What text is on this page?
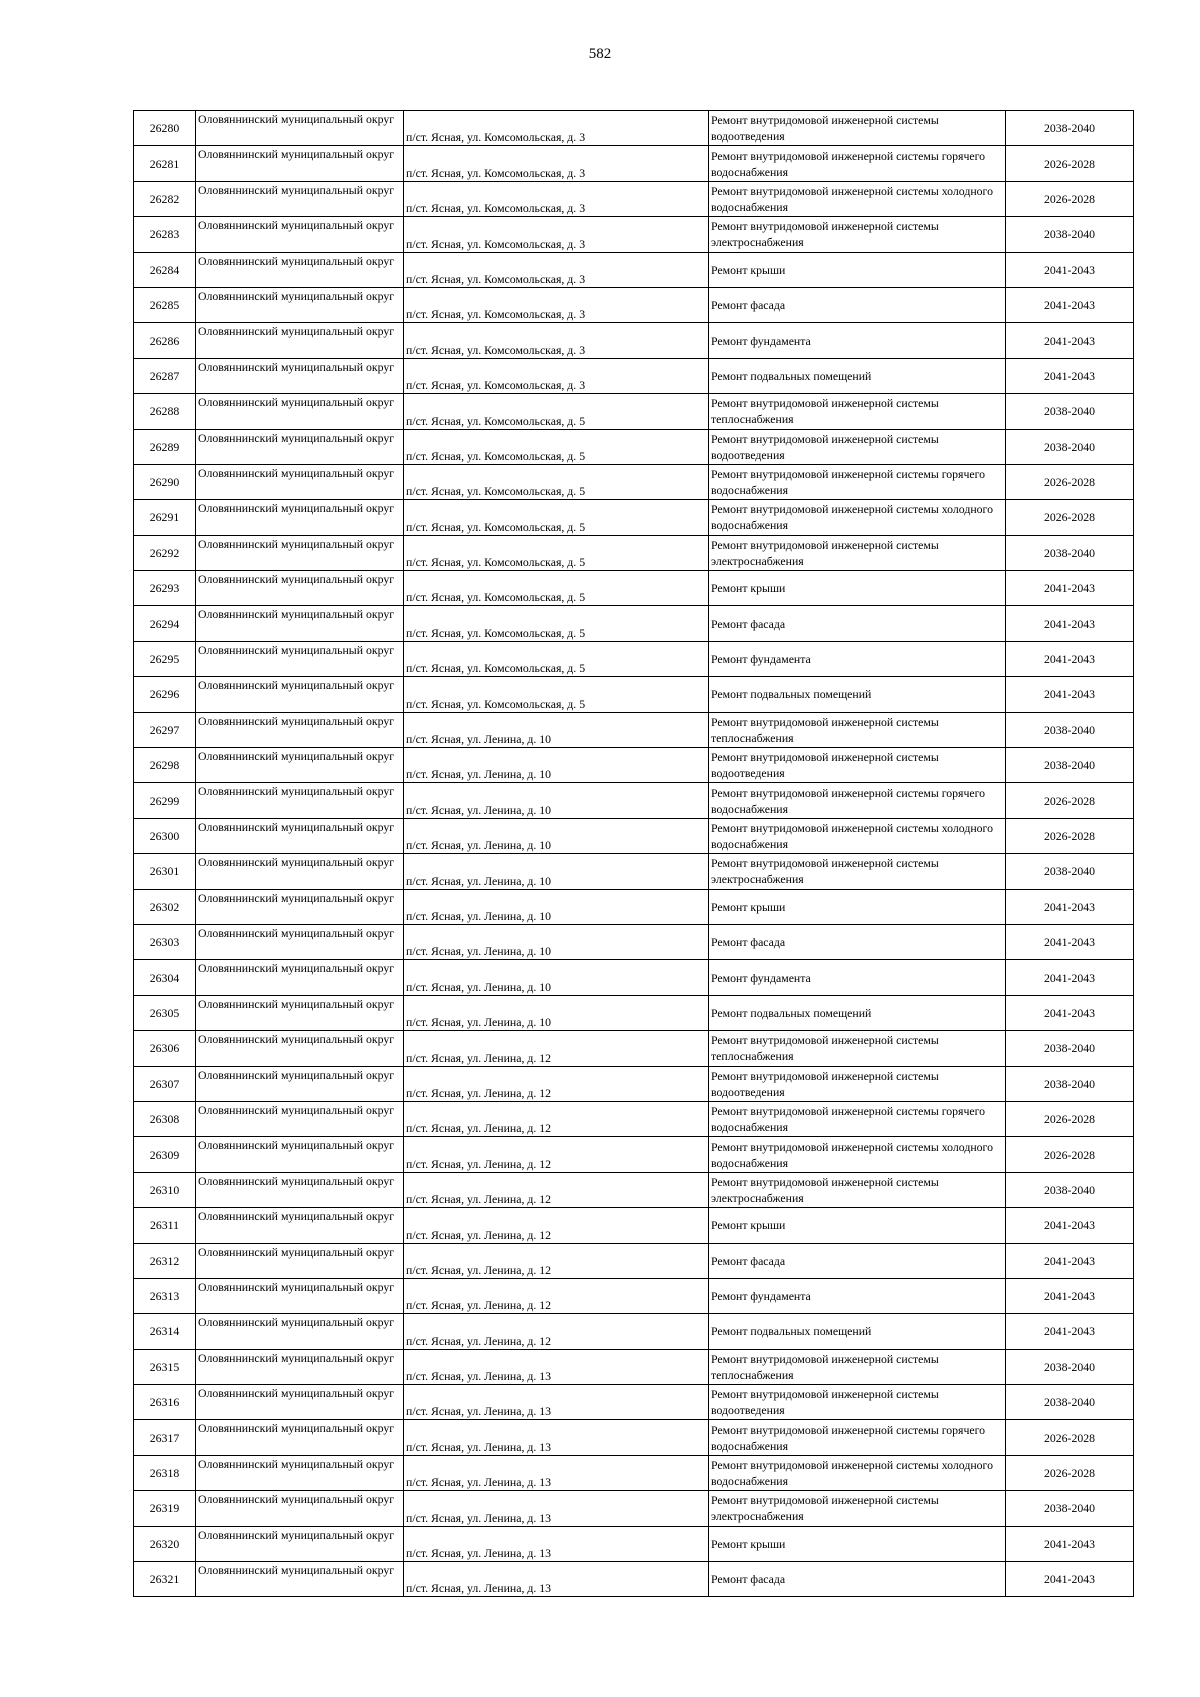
582
26280	Оловяннинский муниципальный округ	п/ст. Ясная, ул. Комсомольская, д. 3	Ремонт внутридомовой инженерной системы водоотведения	2038-2040
26281	Оловяннинский муниципальный округ	п/ст. Ясная, ул. Комсомольская, д. 3	Ремонт внутридомовой инженерной системы горячего водоснабжения	2026-2028
26282	Оловяннинский муниципальный округ	п/ст. Ясная, ул. Комсомольская, д. 3	Ремонт внутридомовой инженерной системы холодного водоснабжения	2026-2028
26283	Оловяннинский муниципальный округ	п/ст. Ясная, ул. Комсомольская, д. 3	Ремонт внутридомовой инженерной системы электроснабжения	2038-2040
26284	Оловяннинский муниципальный округ	п/ст. Ясная, ул. Комсомольская, д. 3	Ремонт крыши	2041-2043
26285	Оловяннинский муниципальный округ	п/ст. Ясная, ул. Комсомольская, д. 3	Ремонт фасада	2041-2043
26286	Оловяннинский муниципальный округ	п/ст. Ясная, ул. Комсомольская, д. 3	Ремонт фундамента	2041-2043
26287	Оловяннинский муниципальный округ	п/ст. Ясная, ул. Комсомольская, д. 3	Ремонт подвальных помещений	2041-2043
26288	Оловяннинский муниципальный округ	п/ст. Ясная, ул. Комсомольская, д. 5	Ремонт внутридомовой инженерной системы теплоснабжения	2038-2040
26289	Оловяннинский муниципальный округ	п/ст. Ясная, ул. Комсомольская, д. 5	Ремонт внутридомовой инженерной системы водоотведения	2038-2040
26290	Оловяннинский муниципальный округ	п/ст. Ясная, ул. Комсомольская, д. 5	Ремонт внутридомовой инженерной системы горячего водоснабжения	2026-2028
26291	Оловяннинский муниципальный округ	п/ст. Ясная, ул. Комсомольская, д. 5	Ремонт внутридомовой инженерной системы холодного водоснабжения	2026-2028
26292	Оловяннинский муниципальный округ	п/ст. Ясная, ул. Комсомольская, д. 5	Ремонт внутридомовой инженерной системы электроснабжения	2038-2040
26293	Оловяннинский муниципальный округ	п/ст. Ясная, ул. Комсомольская, д. 5	Ремонт крыши	2041-2043
26294	Оловяннинский муниципальный округ	п/ст. Ясная, ул. Комсомольская, д. 5	Ремонт фасада	2041-2043
26295	Оловяннинский муниципальный округ	п/ст. Ясная, ул. Комсомольская, д. 5	Ремонт фундамента	2041-2043
26296	Оловяннинский муниципальный округ	п/ст. Ясная, ул. Комсомольская, д. 5	Ремонт подвальных помещений	2041-2043
26297	Оловяннинский муниципальный округ	п/ст. Ясная, ул. Ленина, д. 10	Ремонт внутридомовой инженерной системы теплоснабжения	2038-2040
26298	Оловяннинский муниципальный округ	п/ст. Ясная, ул. Ленина, д. 10	Ремонт внутридомовой инженерной системы водоотведения	2038-2040
26299	Оловяннинский муниципальный округ	п/ст. Ясная, ул. Ленина, д. 10	Ремонт внутридомовой инженерной системы горячего водоснабжения	2026-2028
26300	Оловяннинский муниципальный округ	п/ст. Ясная, ул. Ленина, д. 10	Ремонт внутридомовой инженерной системы холодного водоснабжения	2026-2028
26301	Оловяннинский муниципальный округ	п/ст. Ясная, ул. Ленина, д. 10	Ремонт внутридомовой инженерной системы электроснабжения	2038-2040
26302	Оловяннинский муниципальный округ	п/ст. Ясная, ул. Ленина, д. 10	Ремонт крыши	2041-2043
26303	Оловяннинский муниципальный округ	п/ст. Ясная, ул. Ленина, д. 10	Ремонт фасада	2041-2043
26304	Оловяннинский муниципальный округ	п/ст. Ясная, ул. Ленина, д. 10	Ремонт фундамента	2041-2043
26305	Оловяннинский муниципальный округ	п/ст. Ясная, ул. Ленина, д. 10	Ремонт подвальных помещений	2041-2043
26306	Оловяннинский муниципальный округ	п/ст. Ясная, ул. Ленина, д. 12	Ремонт внутридомовой инженерной системы теплоснабжения	2038-2040
26307	Оловяннинский муниципальный округ	п/ст. Ясная, ул. Ленина, д. 12	Ремонт внутридомовой инженерной системы водоотведения	2038-2040
26308	Оловяннинский муниципальный округ	п/ст. Ясная, ул. Ленина, д. 12	Ремонт внутридомовой инженерной системы горячего водоснабжения	2026-2028
26309	Оловяннинский муниципальный округ	п/ст. Ясная, ул. Ленина, д. 12	Ремонт внутридомовой инженерной системы холодного водоснабжения	2026-2028
26310	Оловяннинский муниципальный округ	п/ст. Ясная, ул. Ленина, д. 12	Ремонт внутридомовой инженерной системы электроснабжения	2038-2040
26311	Оловяннинский муниципальный округ	п/ст. Ясная, ул. Ленина, д. 12	Ремонт крыши	2041-2043
26312	Оловяннинский муниципальный округ	п/ст. Ясная, ул. Ленина, д. 12	Ремонт фасада	2041-2043
26313	Оловяннинский муниципальный округ	п/ст. Ясная, ул. Ленина, д. 12	Ремонт фундамента	2041-2043
26314	Оловяннинский муниципальный округ	п/ст. Ясная, ул. Ленина, д. 12	Ремонт подвальных помещений	2041-2043
26315	Оловяннинский муниципальный округ	п/ст. Ясная, ул. Ленина, д. 13	Ремонт внутридомовой инженерной системы теплоснабжения	2038-2040
26316	Оловяннинский муниципальный округ	п/ст. Ясная, ул. Ленина, д. 13	Ремонт внутридомовой инженерной системы водоотведения	2038-2040
26317	Оловяннинский муниципальный округ	п/ст. Ясная, ул. Ленина, д. 13	Ремонт внутридомовой инженерной системы горячего водоснабжения	2026-2028
26318	Оловяннинский муниципальный округ	п/ст. Ясная, ул. Ленина, д. 13	Ремонт внутридомовой инженерной системы холодного водоснабжения	2026-2028
26319	Оловяннинский муниципальный округ	п/ст. Ясная, ул. Ленина, д. 13	Ремонт внутридомовой инженерной системы электроснабжения	2038-2040
26320	Оловяннинский муниципальный округ	п/ст. Ясная, ул. Ленина, д. 13	Ремонт крыши	2041-2043
26321	Оловяннинский муниципальный округ	п/ст. Ясная, ул. Ленина, д. 13	Ремонт фасада	2041-2043
